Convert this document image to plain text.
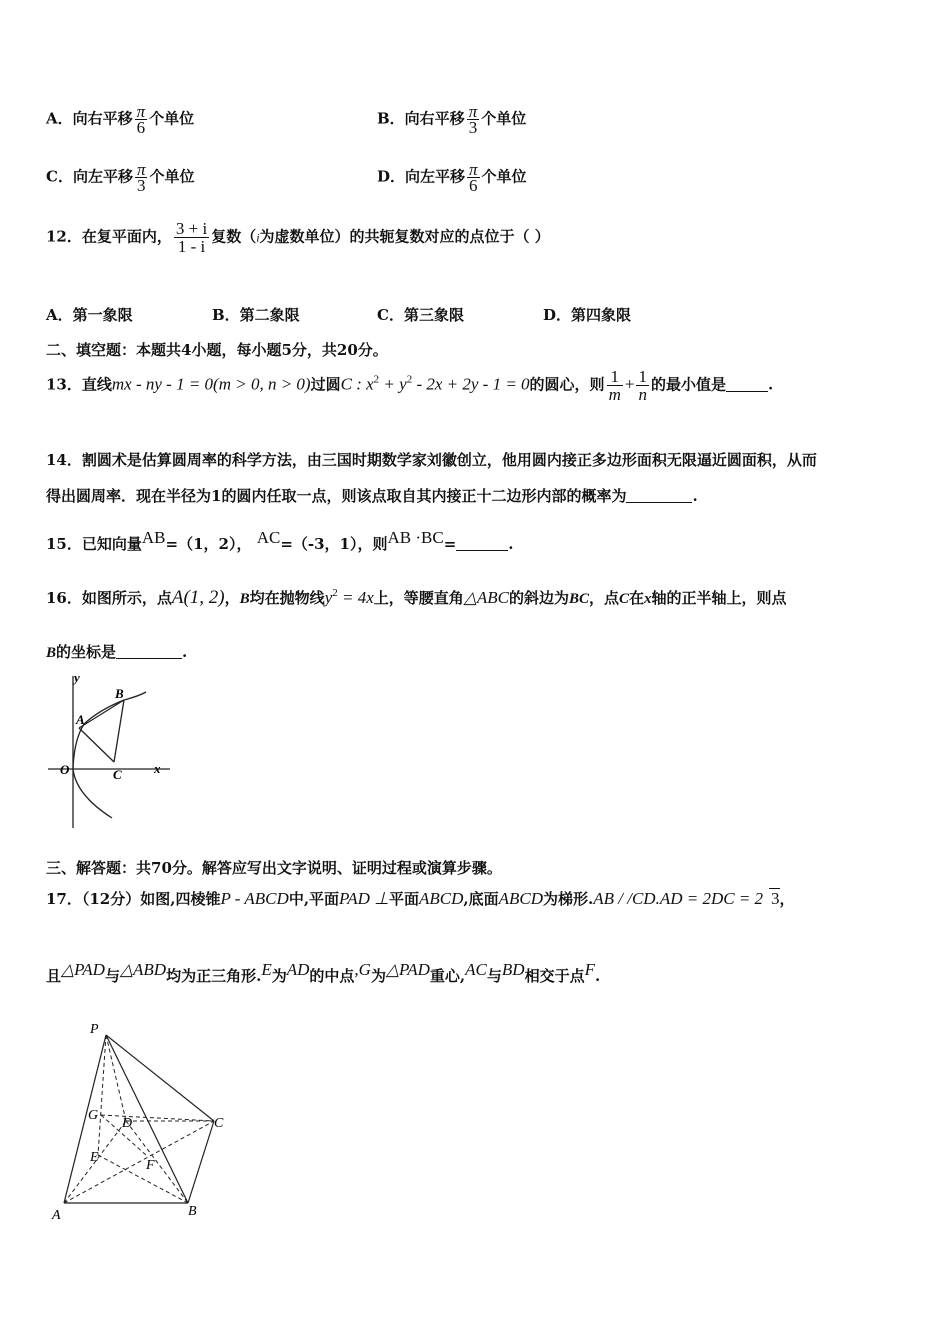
A．向右平移 $\frac{\pi}{6}$ 个单位	B．向右平移 $\frac{\pi}{3}$ 个单位
C．向左平移 $\frac{\pi}{3}$ 个单位	D．向左平移 $\frac{\pi}{6}$ 个单位
12．在复平面内， $\frac{3 + i}{1 - i}$ 复数（i为虚数单位）的共轭复数对应的点位于（ ）
A．第一象限	B．第二象限	C．第三象限	D．第四象限
二、填空题：本题共4小题，每小题5分，共20分。
13．直线mx - ny - 1 = 0(m > 0, n > 0)过圆C : $x^2 + y^2 - 2x + 2y - 1 = 0$的圆心，则 $\frac{1}{m} + \frac{1}{n}$ 的最小值是	.
14．割圆术是估算圆周率的科学方法，由三国时期数学家刘徽创立，他用圆内接正多边形面积无限逼近圆面积，从而
得出圆周率．现在半径为1的圆内任取一点，则该点取自其内接正十二边形内部的概率为	.
15．已知向量AB=（1，2）， AC=（-3，1），则AB ·BC=	.
16．如图所示，点A(1, 2)，B均在抛物线$y^2 = 4x$上，等腰直角△ABC的斜边为BC，点C在x轴的正半轴上，则点
B的坐标是	.
y
x
O
A
B
C
三、解答题：共70分。解答应写出文字说明、证明过程或演算步骤。
17．（12分）如图,四棱锥P - ABCD中,平面PAD ⊥平面ABCD,底面ABCD为梯形.AB / /CD.AD = 2DC = 2 3，
且△PAD与△ABD均为正三角形.E为AD的中点,G为△PAD重心,AC与BD相交于点F.
P
G
D	C
E
F
A	B
